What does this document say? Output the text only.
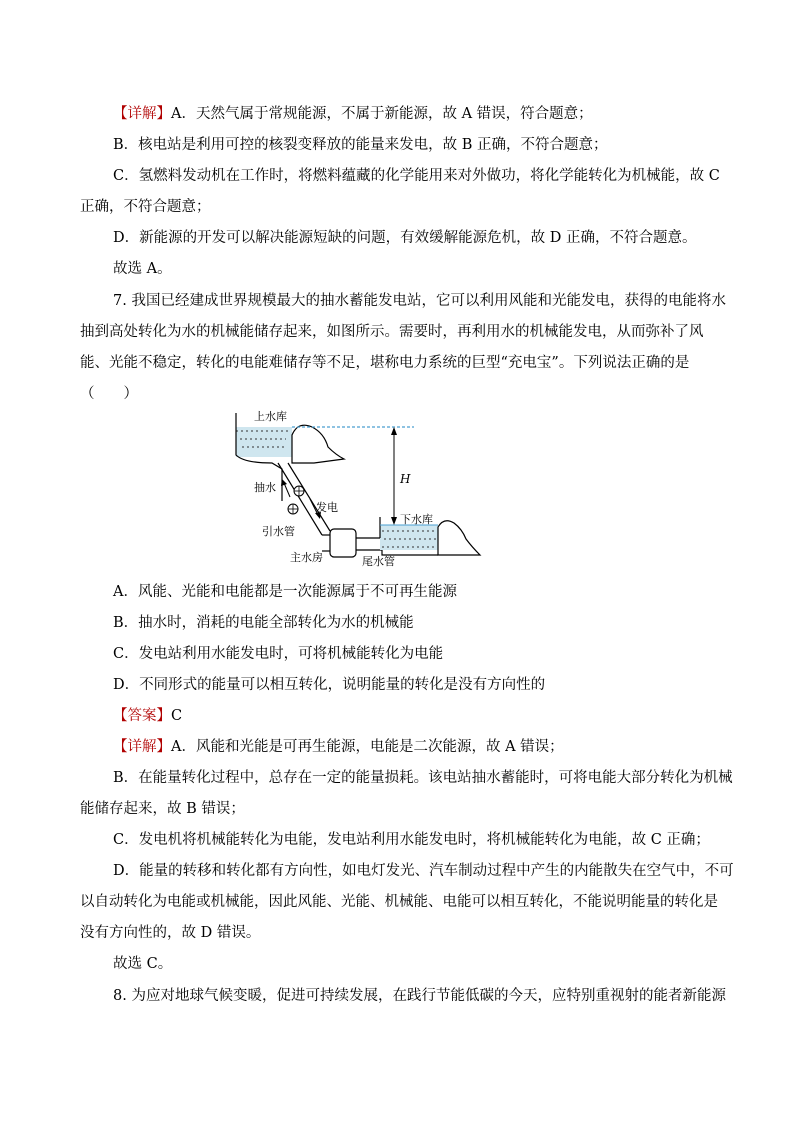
【详解】A．天然气属于常规能源，不属于新能源，故 A 错误，符合题意；
B．核电站是利用可控的核裂变释放的能量来发电，故 B 正确，不符合题意；
C．氢燃料发动机在工作时，将燃料蕴藏的化学能用来对外做功，将化学能转化为机械能，故 C
正确，不符合题意；
D．新能源的开发可以解决能源短缺的问题，有效缓解能源危机，故 D 正确，不符合题意。
故选 A。
7. 我国已经建成世界规模最大的抽水蓄能发电站，它可以利用风能和光能发电，获得的电能将水
抽到高处转化为水的机械能储存起来，如图所示。需要时，再利用水的机械能发电，从而弥补了风
能、光能不稳定，转化的电能难储存等不足，堪称电力系统的巨型“充电宝”。下列说法正确的是
（　　）
上水库
抽水
发电
引水管
主水房	尾水管
下水库
H
A．风能、光能和电能都是一次能源属于不可再生能源
B．抽水时，消耗的电能全部转化为水的机械能
C．发电站利用水能发电时，可将机械能转化为电能
D．不同形式的能量可以相互转化，说明能量的转化是没有方向性的
【答案】C
【详解】A．风能和光能是可再生能源，电能是二次能源，故 A 错误；
B．在能量转化过程中，总存在一定的能量损耗。该电站抽水蓄能时，可将电能大部分转化为机械
能储存起来，故 B 错误；
C．发电机将机械能转化为电能，发电站利用水能发电时，将机械能转化为电能，故 C 正确；
D．能量的转移和转化都有方向性，如电灯发光、汽车制动过程中产生的内能散失在空气中，不可
以自动转化为电能或机械能，因此风能、光能、机械能、电能可以相互转化，不能说明能量的转化是
没有方向性的，故 D 错误。
故选 C。
8. 为应对地球气候变暖，促进可持续发展，在践行节能低碳的今天，应特别重视射的能者新能源
